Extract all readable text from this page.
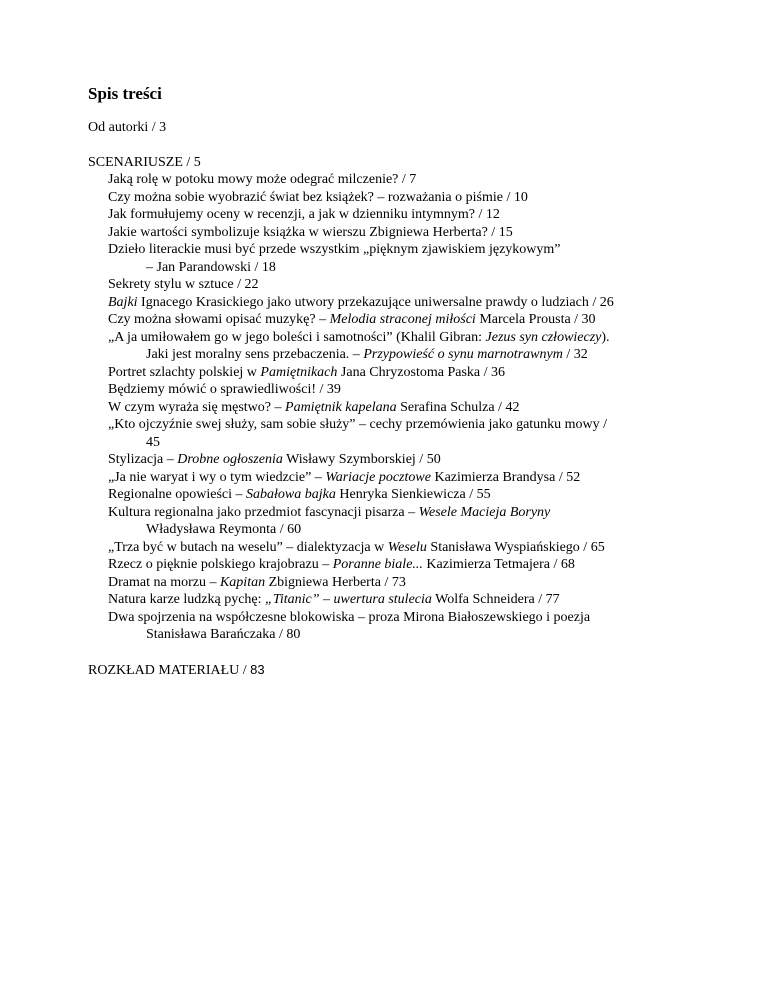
Spis treści
Od autorki / 3
SCENARIUSZE / 5
Jaką rolę w potoku mowy może odegrać milczenie? / 7
Czy można sobie wyobrazić świat bez książek? – rozważania o piśmie / 10
Jak formułujemy oceny w recenzji, a jak w dzienniku intymnym? / 12
Jakie wartości symbolizuje książka w wierszu Zbigniewa Herberta? / 15
Dzieło literackie musi być przede wszystkim „pięknym zjawiskiem językowym”
– Jan Parandowski / 18
Sekrety stylu w sztuce / 22
Bajki Ignacego Krasickiego jako utwory przekazujące uniwersalne prawdy o ludziach / 26
Czy można słowami opisać muzykę? – Melodia straconej miłości Marcela Prousta / 30
„A ja umiłowałem go w jego boleści i samotności” (Khalil Gibran: Jezus syn człowieczy).
Jaki jest moralny sens przebaczenia. – Przypowieść o synu marnotrawnym / 32
Portret szlachty polskiej w Pamiętnikach Jana Chryzostoma Paska / 36
Będziemy mówić o sprawiedliwości! / 39
W czym wyraża się męstwo? – Pamiętnik kapelana Serafina Schulza / 42
„Kto ojczyźnie swej służy, sam sobie służy” – cechy przemówienia jako gatunku mowy /
45
Stylizacja – Drobne ogłoszenia Wisławy Szymborskiej / 50
„Ja nie waryat i wy o tym wiedzcie” – Wariacje pocztowe Kazimierza Brandysa / 52
Regionalne opowieści – Sabałowa bajka Henryka Sienkiewicza / 55
Kultura regionalna jako przedmiot fascynacji pisarza – Wesele Macieja Boryny
Władysława Reymonta / 60
„Trza być w butach na weselu” – dialektyzacja w Weselu Stanisława Wyspiańskiego / 65
Rzecz o pięknie polskiego krajobrazu – Poranne biale... Kazimierza Tetmajera / 68
Dramat na morzu – Kapitan Zbigniewa Herberta / 73
Natura karze ludzką pychę: „Titanic” – uwertura stulecia Wolfa Schneidera / 77
Dwa spojrzenia na współczesne blokowiska – proza Mirona Białoszewskiego i poezja
Stanisława Barańczaka / 80
ROZKŁAD MATERIAŁU / 83
